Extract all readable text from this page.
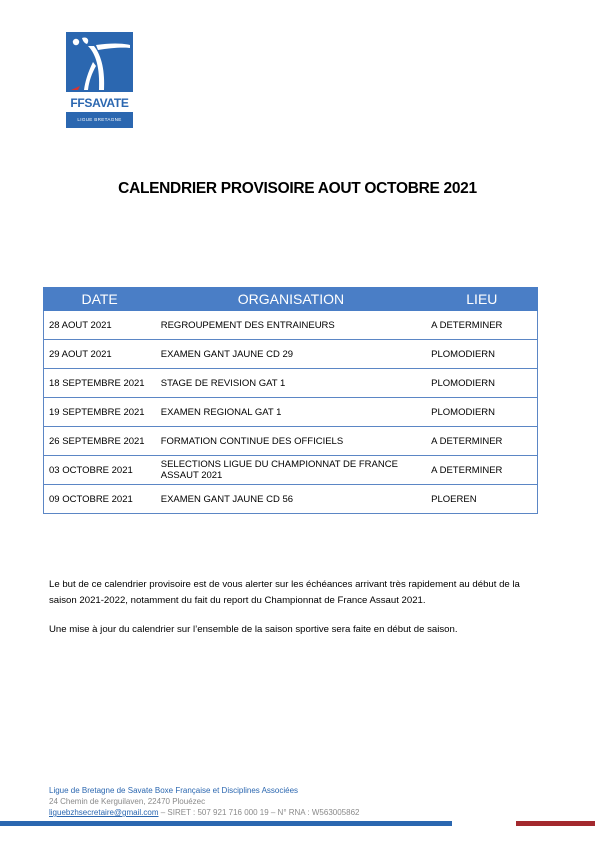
FFSAVATE
LIGUE BRETAGNE
CALENDRIER PROVISOIRE AOUT OCTOBRE 2021
DATE	ORGANISATION	LIEU
28 AOUT 2021	REGROUPEMENT DES ENTRAINEURS	A DETERMINER
29 AOUT 2021	EXAMEN GANT JAUNE CD 29	PLOMODIERN
18 SEPTEMBRE 2021	STAGE DE REVISION GAT 1	PLOMODIERN
19 SEPTEMBRE 2021	EXAMEN REGIONAL GAT 1	PLOMODIERN
26 SEPTEMBRE 2021	FORMATION CONTINUE DES OFFICIELS	A DETERMINER
03 OCTOBRE 2021	SELECTIONS LIGUE DU CHAMPIONNAT DE FRANCE ASSAUT 2021	A DETERMINER
09 OCTOBRE 2021	EXAMEN GANT JAUNE CD 56	PLOEREN
Le but de ce calendrier provisoire est de vous alerter sur les échéances arrivant très rapidement au début de la saison 2021-2022, notamment du fait du report du Championnat de France Assaut 2021.
Une mise à jour du calendrier sur l’ensemble de la saison sportive sera faite en début de saison.
Ligue de Bretagne de Savate Boxe Française et Disciplines Associées
24 Chemin de Kerguilaven, 22470 Plouézec
liguebzhsecretaire@gmail.com – SIRET : 507 921 716 000 19 – N° RNA : W563005862
